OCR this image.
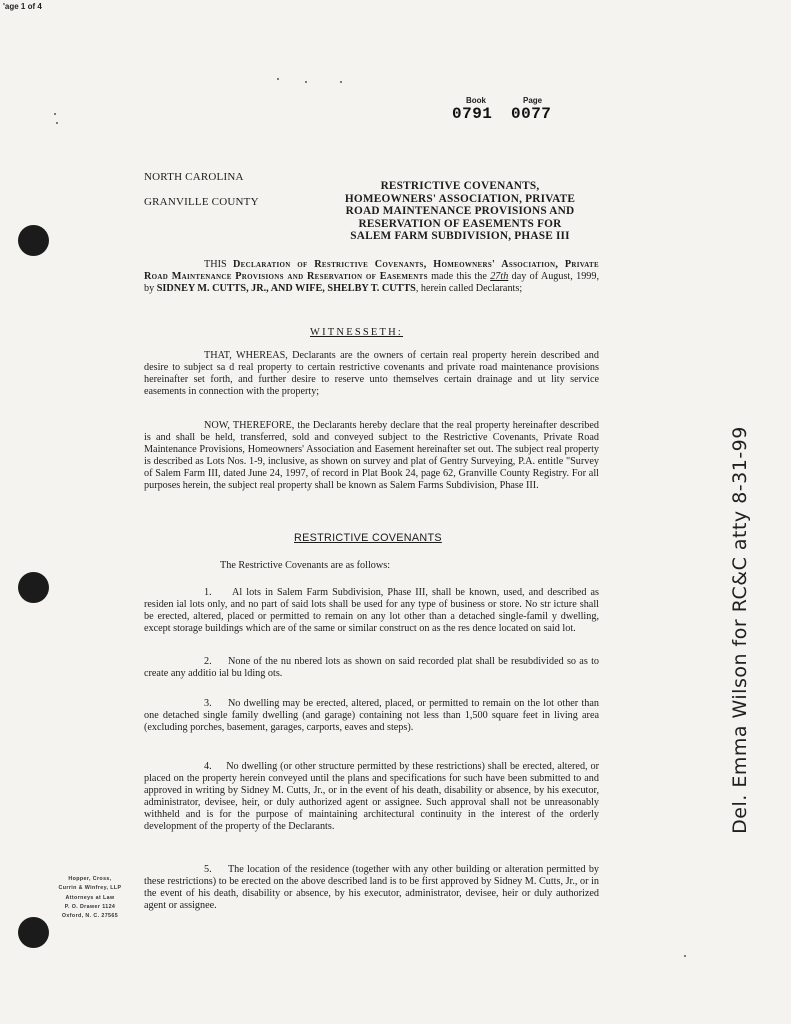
'age 1 of 4
Book	Page
0791 0077
NORTH CAROLINA
GRANVILLE COUNTY
RESTRICTIVE COVENANTS,
HOMEOWNERS' ASSOCIATION, PRIVATE
ROAD MAINTENANCE PROVISIONS AND
RESERVATION OF EASEMENTS FOR
SALEM FARM SUBDIVISION, PHASE III

THIS Declaration of Restrictive Covenants, Homeowners' Association, Private Road Maintenance Provisions and Reservation of Easements made this the 27th day of August, 1999, by SIDNEY M. CUTTS, JR., AND WIFE, SHELBY T. CUTTS, herein called Declarants;

WITNESSETH:

THAT, WHEREAS, Declarants are the owners of certain real property herein described and desire to subject sa d real property to certain restrictive covenants and private road maintenance provisions hereinafter set forth, and further desire to reserve unto themselves certain drainage and ut lity service easements in connection with the property;

NOW, THEREFORE, the Declarants hereby declare that the real property hereinafter described is and shall be held, transferred, sold and conveyed subject to the Restrictive Covenants, Private Road Maintenance Provisions, Homeowners' Association and Easement hereinafter set out. The subject real property is described as Lots Nos. 1-9, inclusive, as shown on survey and plat of Gentry Surveying, P.A. entitle "Survey of Salem Farm III, dated June 24, 1997, of record in Plat Book 24, page 62, Granville County Registry. For all purposes herein, the subject real property shall be known as Salem Farms Subdivision, Phase III.

RESTRICTIVE COVENANTS
The Restrictive Covenants are as follows:

1. Al lots in Salem Farm Subdivision, Phase III, shall be known, used, and described as residen ial lots only, and no part of said lots shall be used for any type of business or store. No str icture shall be erected, altered, placed or permitted to remain on any lot other than a detached single-famil y dwelling, except storage buildings which are of the same or similar construct on as the res dence located on said lot.

2. None of the nu nbered lots as shown on said recorded plat shall be resubdivided so as to create any additio ial bu lding ots.

3. No dwelling may be erected, altered, placed, or permitted to remain on the lot other than one detached single family dwelling (and garage) containing not less than 1,500 square feet in living area (excluding porches, basement, garages, carports, eaves and steps).

4. No dwelling (or other structure permitted by these restrictions) shall be erected, altered, or placed on the property herein conveyed until the plans and specifications for such have been submitted to and approved in writing by Sidney M. Cutts, Jr., or in the event of his death, disability or absence, by his executor, administrator, devisee, heir, or duly authorized agent or assignee. Such approval shall not be unreasonably withheld and is for the purpose of maintaining architectural continuity in the interest of the orderly development of the property of the Declarants.

5. The location of the residence (together with any other building or alteration permitted by these restrictions) to be erected on the above described land is to be first approved by Sidney M. Cutts, Jr., or in the event of his death, disability or absence, by his executor, administrator, devisee, heir or duly authorized agent or assignee.

Hopper, Cross,
Currin & Winfrey, LLP
Attorneys at Law
P. O. Drawer 1124
Oxford, N. C. 27565
Del. Emma Wilson for RC&C atty 8-31-99
